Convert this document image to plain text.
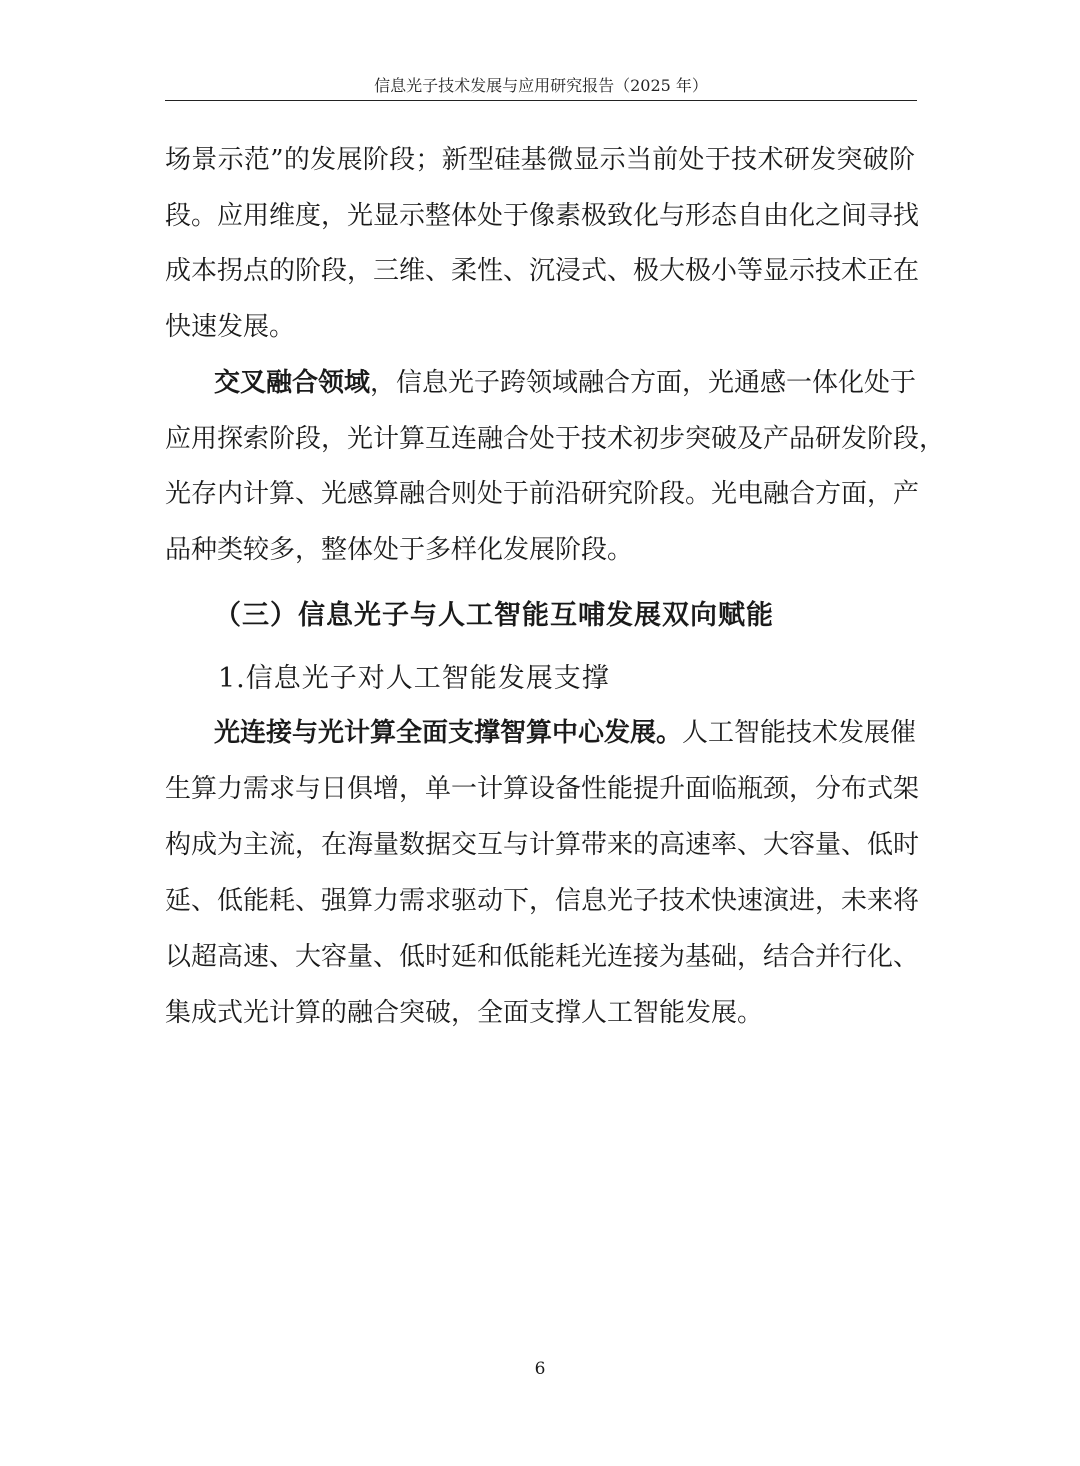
信息光子技术发展与应用研究报告（2025 年）
场景示范”的发展阶段；新型硅基微显示当前处于技术研发突破阶
段。应用维度，光显示整体处于像素极致化与形态自由化之间寻找
成本拐点的阶段，三维、柔性、沉浸式、极大极小等显示技术正在
快速发展。
交叉融合领域，信息光子跨领域融合方面，光通感一体化处于
应用探索阶段，光计算互连融合处于技术初步突破及产品研发阶段，
光存内计算、光感算融合则处于前沿研究阶段。光电融合方面，产
品种类较多，整体处于多样化发展阶段。
（三）信息光子与人工智能互哺发展双向赋能
1.信息光子对人工智能发展支撑
光连接与光计算全面支撑智算中心发展。人工智能技术发展催
生算力需求与日俱增，单一计算设备性能提升面临瓶颈，分布式架
构成为主流，在海量数据交互与计算带来的高速率、大容量、低时
延、低能耗、强算力需求驱动下，信息光子技术快速演进，未来将
以超高速、大容量、低时延和低能耗光连接为基础，结合并行化、
集成式光计算的融合突破，全面支撑人工智能发展。
6
